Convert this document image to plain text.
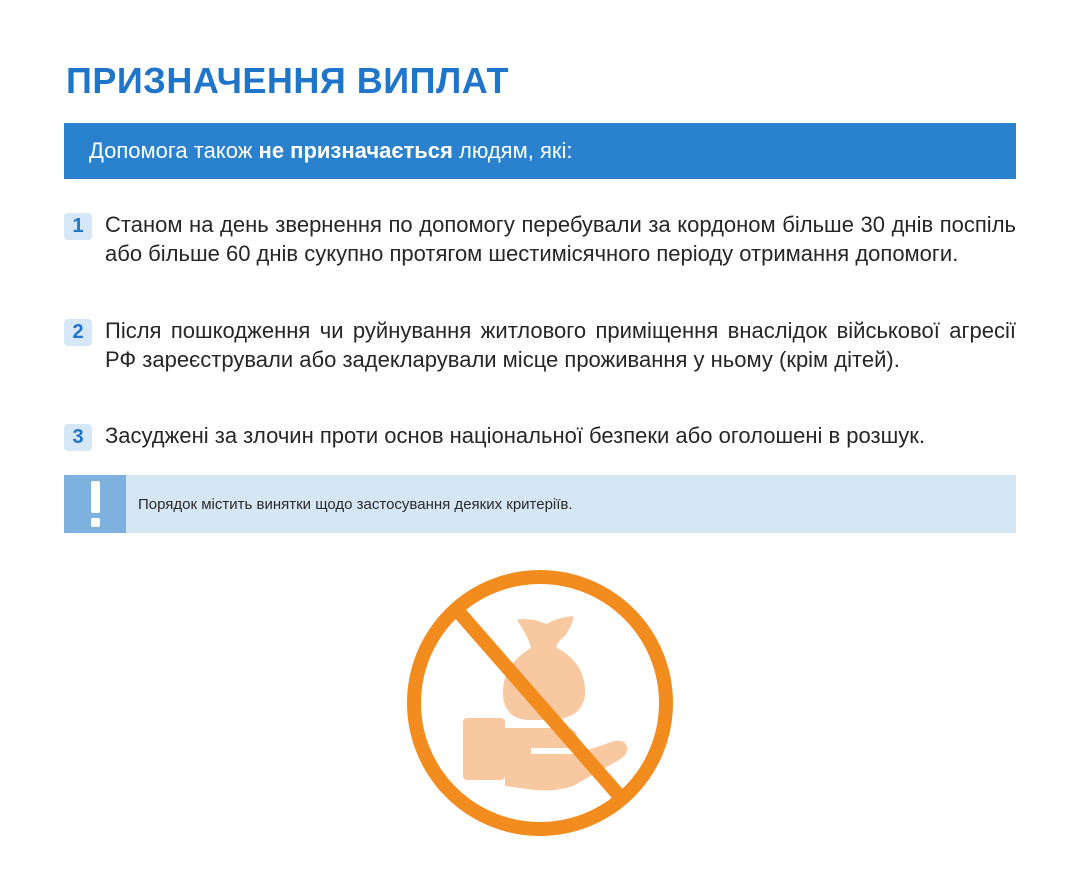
ПРИЗНАЧЕННЯ ВИПЛАТ
Допомога також не призначається людям, які:
1 Станом на день звернення по допомогу перебували за кордоном більше 30 днів поспіль або більше 60 днів сукупно протягом шестимісячного періоду отримання допомоги.
2 Після пошкодження чи руйнування житлового приміщення внаслідок військової агресії РФ зареєстрували або задекларували місце проживання у ньому (крім дітей).
3 Засуджені за злочин проти основ національної безпеки або оголошені в розшук.
Порядок містить винятки щодо застосування деяких критеріїв.
